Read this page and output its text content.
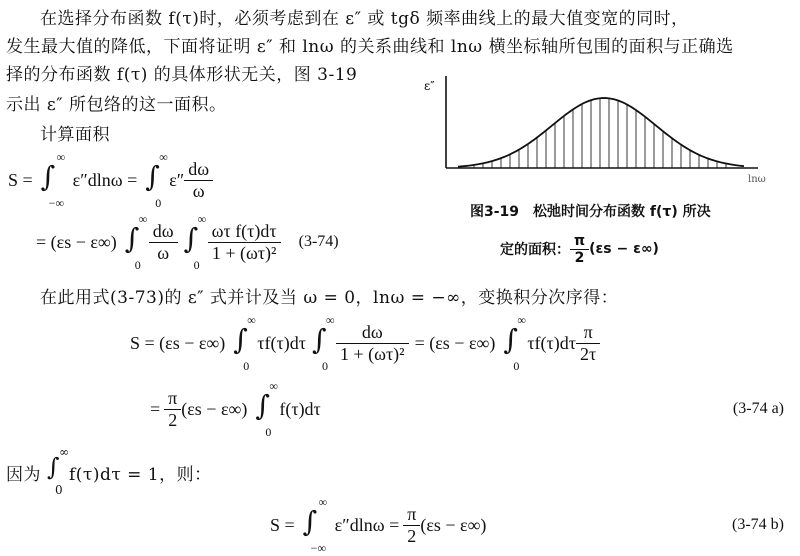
在选择分布函数 f(τ)时，必须考虑到在 ε″ 或 tgδ 频率曲线上的最大值变宽的同时，
发生最大值的降低，下面将证明 ε″ 和 lnω 的关系曲线和 lnω 横坐标轴所包围的面积与正确选
择的分布函数 f(τ) 的具体形状无关，图 3-19
示出 ε″ 所包络的这一面积。
计算面积
S = ∫
∞
−∞
ε″dlnω = ∫
∞
0
$\varepsilon'' \frac{d\omega}{\omega}$
= (εs − ε∞) ∫
∞
0
$\frac{d\omega}{\omega}$ ∫
∞
0
$\frac{\text{ωτ f(τ)dτ}}{\text{1 + (ωτ)²}} (3-74)$
ε″
lnω
图3-19　松弛时间分布函数 f(τ) 所决
定的面积： $\frac{\pi}{2} (\varepsilon s - \varepsilon\infty)$
在此用式(3-73)的 ε″ 式并计及当 ω = 0，lnω = −∞，变换积分次序得：
S = (εs − ε∞) ∫
∞
0
τf(τ)dτ ∫
∞
0
$\frac{d\omega}{\text{1 + (ωτ)²}} = (\varepsilon s - \varepsilon\infty)$ ∫
∞
0
$\tau f(\tau)d\tau \frac{\pi}{2\tau}$
= $\frac{\pi}{2} (\varepsilon s - \varepsilon\infty)$ ∫
∞
0
f(τ)dτ	(3-74 a)
因为 ∫
∞
0
f(τ)dτ = 1，则：
S = ∫
∞
−∞
$\varepsilon''dln\omega = \frac{\pi}{2} (\varepsilon s - \varepsilon\infty)$	(3-74 b)
